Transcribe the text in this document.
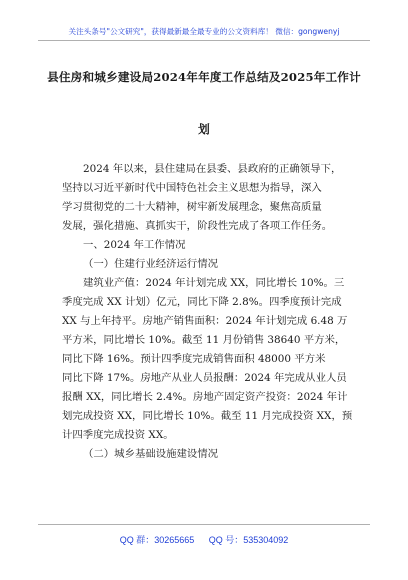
关注头条号"公文研究"，获得最新最全最专业的公文资料库！ 微信：gongwenyj
县住房和城乡建设局2024年年度工作总结及2025年工作计
划
2024 年以来，县住建局在县委、县政府的正确领导下，
坚持以习近平新时代中国特色社会主义思想为指导，深入
学习贯彻党的二十大精神，树牢新发展理念，聚焦高质量
发展，强化措施、真抓实干，阶段性完成了各项工作任务。
一、2024 年工作情况
（一）住建行业经济运行情况
建筑业产值：2024 年计划完成 XX，同比增长 10%。三
季度完成 XX 计划）亿元，同比下降 2.8%。四季度预计完成
XX 与上年持平。房地产销售面积：2024 年计划完成 6.48 万
平方米，同比增长 10%。截至 11 月份销售 38640 平方米，
同比下降 16%。预计四季度完成销售面积 48000 平方米
同比下降 17%。房地产从业人员报酬：2024 年完成从业人员
报酬 XX，同比增长 2.4%。房地产固定资产投资：2024 年计
划完成投资 XX，同比增长 10%。截至 11 月完成投资 XX，预
计四季度完成投资 XX。
（二）城乡基础设施建设情况
QQ 群：30265665 QQ 号：535304092
